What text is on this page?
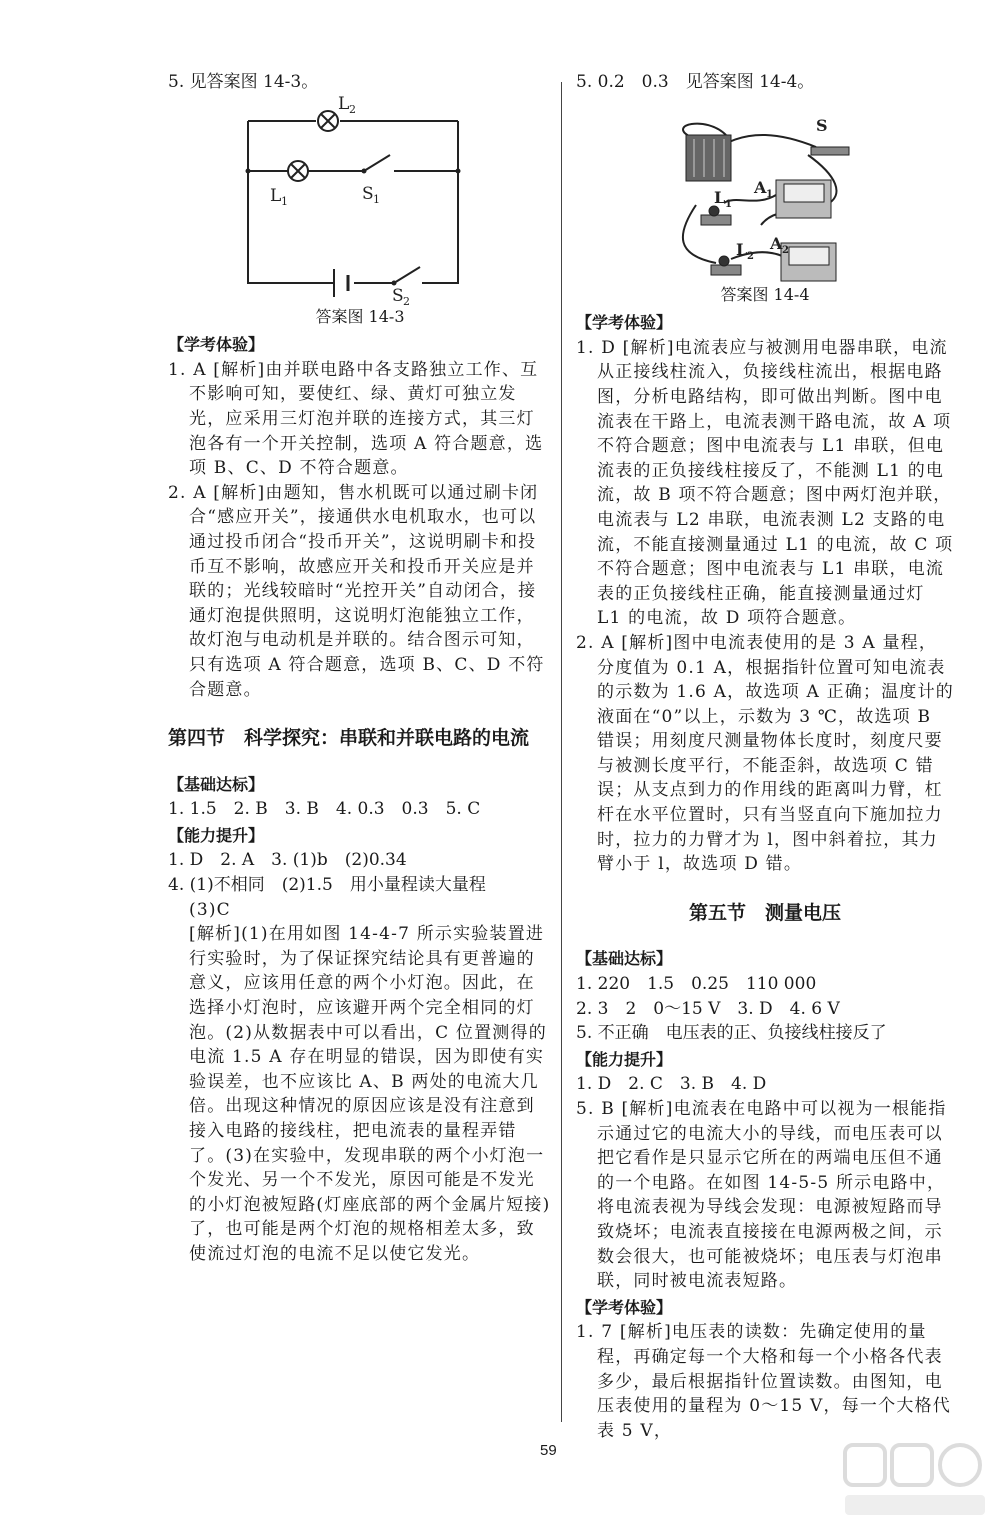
5. 见答案图 14-3。

L 2
L 1	S 1
S 2

答案图 14-3

【学考体验】

1. A [解析]由并联电路中各支路独立工作、互不影响可知，要使红、绿、黄灯可独立发光，应采用三灯泡并联的连接方式，其三灯泡各有一个开关控制，选项 A 符合题意，选项 B、C、D 不符合题意。

2. A [解析]由题知，售水机既可以通过刷卡闭合“感应开关”，接通供水电机取水，也可以通过投币闭合“投币开关”，这说明刷卡和投币互不影响，故感应开关和投币开关应是并联的；光线较暗时“光控开关”自动闭合，接通灯泡提供照明，这说明灯泡能独立工作，故灯泡与电动机是并联的。结合图示可知，只有选项 A 符合题意，选项 B、C、D 不符合题意。

第四节　科学探究：串联和并联电路的电流

【基础达标】

1. 1.5　2. B　3. B　4. 0.3　0.3　5. C

【能力提升】

1. D　2. A　3. (1)b　(2)0.34

4. (1)不相同　(2)1.5　用小量程读大量程

(3)C

[解析](1)在用如图 14-4-7 所示实验装置进行实验时，为了保证探究结论具有更普遍的意义，应该用任意的两个小灯泡。因此，在选择小灯泡时，应该避开两个完全相同的灯泡。(2)从数据表中可以看出，C 位置测得的电流 1.5 A 存在明显的错误，因为即使有实验误差，也不应该比 A、B 两处的电流大几倍。出现这种情况的原因应该是没有注意到接入电路的接线柱，把电流表的量程弄错了。(3)在实验中，发现串联的两个小灯泡一个发光、另一个不发光，原因可能是不发光的小灯泡被短路(灯座底部的两个金属片短接)了，也可能是两个灯泡的规格相差太多，致使流过灯泡的电流不足以使它发光。

5. 0.2　0.3　见答案图 14-4。

S
A 1
L 1
L 2
A 2

答案图 14-4

【学考体验】

1. D [解析]电流表应与被测用电器串联，电流从正接线柱流入，负接线柱流出，根据电路图，分析电路结构，即可做出判断。图中电流表在干路上，电流表测干路电流，故 A 项不符合题意；图中电流表与 L1 串联，但电流表的正负接线柱接反了，不能测 L1 的电流，故 B 项不符合题意；图中两灯泡并联，电流表与 L2 串联，电流表测 L2 支路的电流，不能直接测量通过 L1 的电流，故 C 项不符合题意；图中电流表与 L1 串联，电流表的正负接线柱正确，能直接测量通过灯 L1 的电流，故 D 项符合题意。

2. A [解析]图中电流表使用的是 3 A 量程，分度值为 0.1 A，根据指针位置可知电流表的示数为 1.6 A，故选项 A 正确；温度计的液面在“0”以上，示数为 3 ℃，故选项 B 错误；用刻度尺测量物体长度时，刻度尺要与被测长度平行，不能歪斜，故选项 C 错误；从支点到力的作用线的距离叫力臂，杠杆在水平位置时，只有当竖直向下施加拉力时，拉力的力臂才为 l，图中斜着拉，其力臂小于 l，故选项 D 错。

第五节　测量电压

【基础达标】

1. 220　1.5　0.25　110 000

2. 3　2　0～15 V　3. D　4. 6 V

5. 不正确　电压表的正、负接线柱接反了

【能力提升】

1. D　2. C　3. B　4. D

5. B [解析]电流表在电路中可以视为一根能指示通过它的电流大小的导线，而电压表可以把它看作是只显示它所在的两端电压但不通的一个电路。在如图 14-5-5 所示电路中，将电流表视为导线会发现：电源被短路而导致烧坏；电流表直接接在电源两极之间，示数会很大，也可能被烧坏；电压表与灯泡串联，同时被电流表短路。

【学考体验】

1. 7 [解析]电压表的读数：先确定使用的量程，再确定每一个大格和每一个小格各代表多少，最后根据指针位置读数。由图知，电压表使用的量程为 0～15 V，每一个大格代表 5 V，

59
